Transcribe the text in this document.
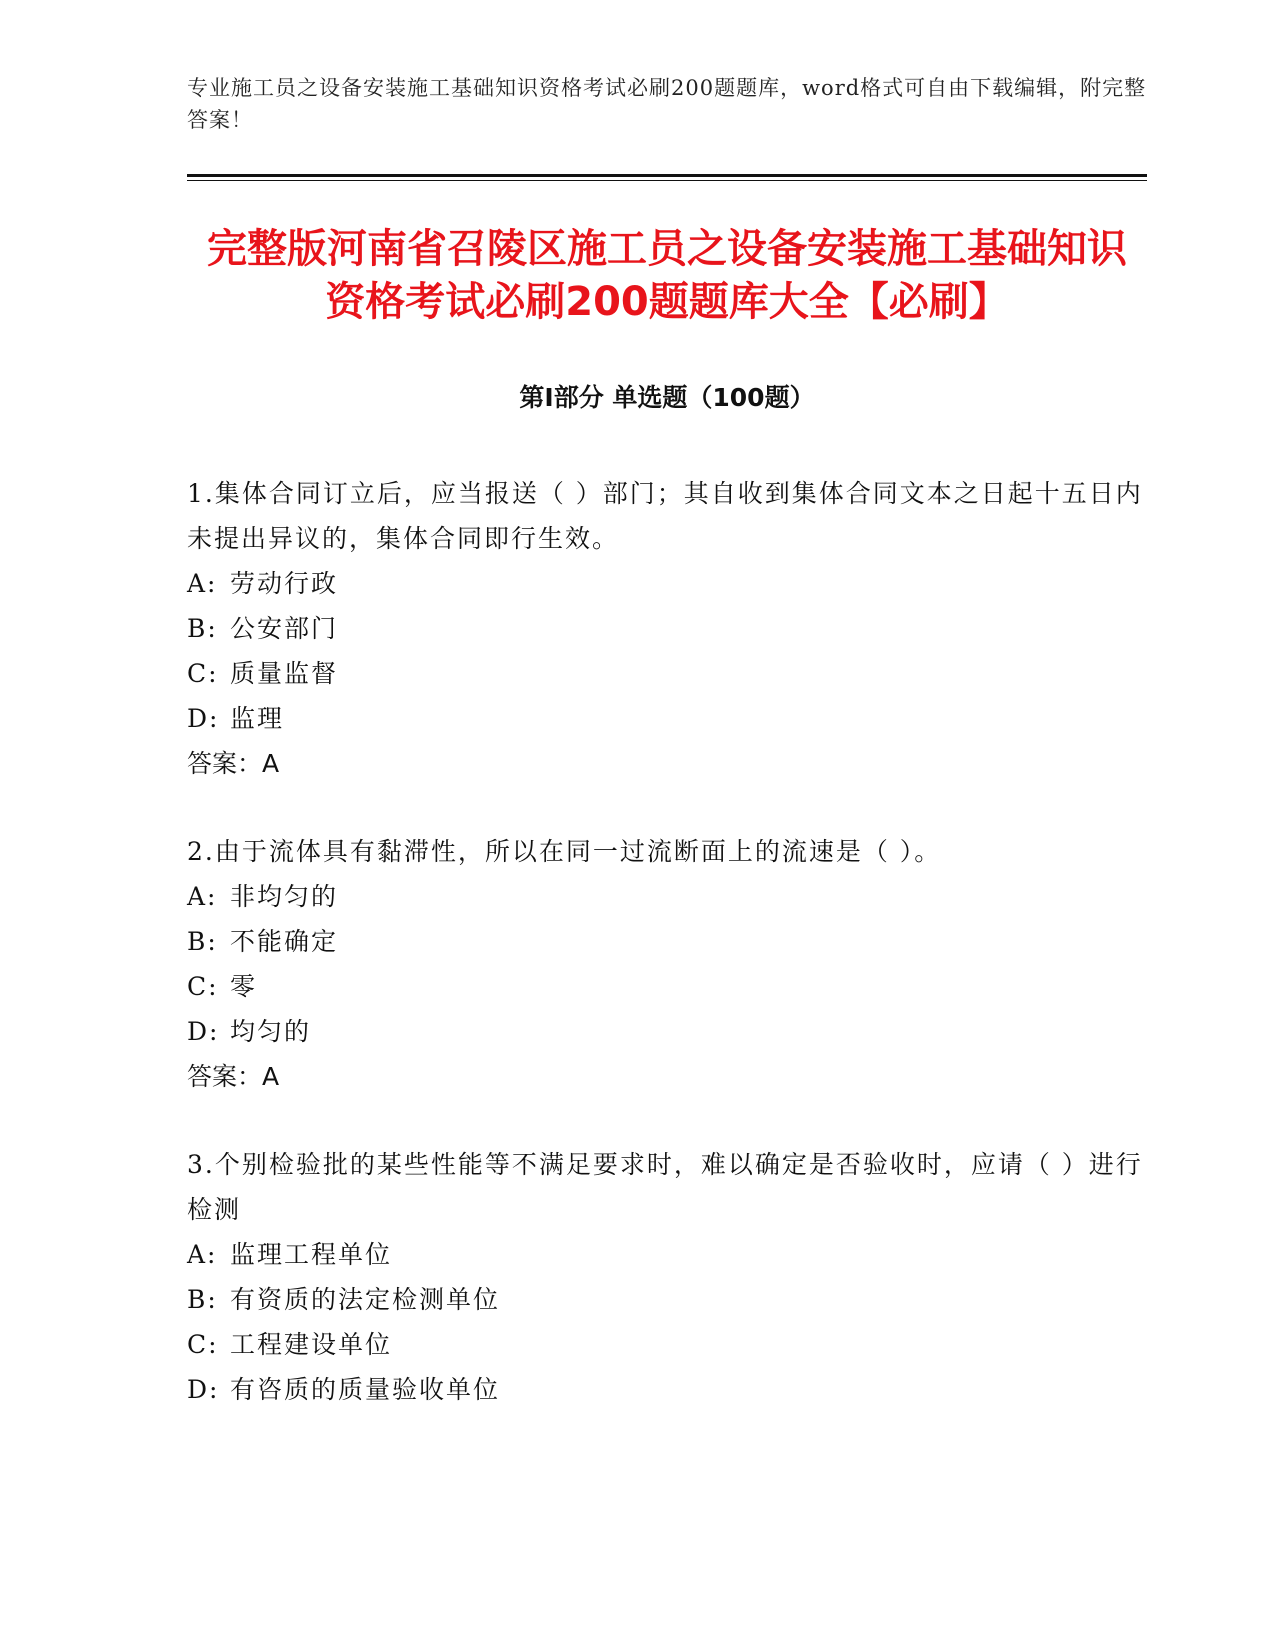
专业施工员之设备安装施工基础知识资格考试必刷200题题库，word格式可自由下载编辑，附完整答案！

完整版河南省召陵区施工员之设备安装施工基础知识资格考试必刷200题题库大全【必刷】
第I部分 单选题（100题）

1.集体合同订立后，应当报送（ ）部门；其自收到集体合同文本之日起十五日内未提出异议的，集体合同即行生效。

A: 劳动行政

B: 公安部门

C: 质量监督

D: 监理

答案：A

2.由于流体具有黏滞性，所以在同一过流断面上的流速是（ ）。

A: 非均匀的

B: 不能确定

C: 零

D: 均匀的

答案：A

3.个别检验批的某些性能等不满足要求时，难以确定是否验收时，应请（ ）进行检测

A: 监理工程单位

B: 有资质的法定检测单位

C: 工程建设单位

D: 有咨质的质量验收单位
